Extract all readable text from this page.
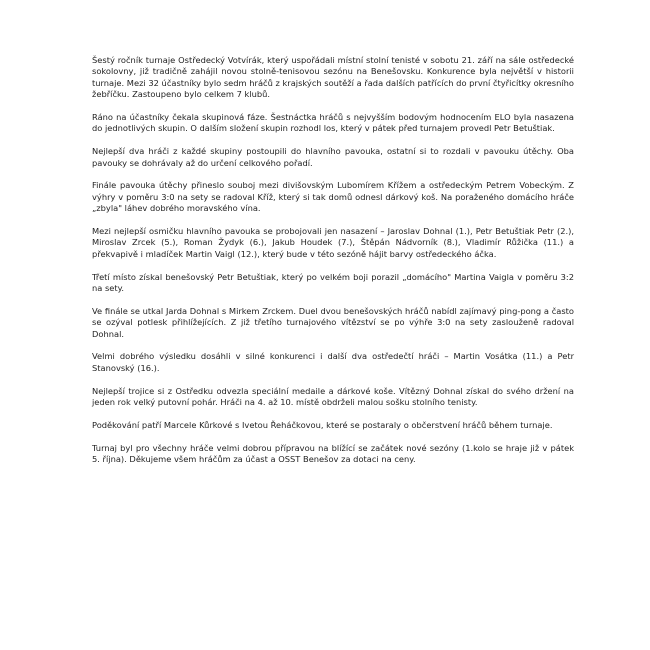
Šestý ročník turnaje Ostředecký Votvírák, který uspořádali místní stolní tenisté v sobotu 21. září na sále ostředecké sokolovny, již tradičně zahájil novou stolně-tenisovou sezónu na Benešovsku. Konkurence byla největší v historii turnaje. Mezi 32 účastníky bylo sedm hráčů z krajských soutěží a řada dalších patřících do první čtyřicítky okresního žebříčku. Zastoupeno bylo celkem 7 klubů.

Ráno na účastníky čekala skupinová fáze. Šestnáctka hráčů s nejvyšším bodovým hodnocením ELO byla nasazena do jednotlivých skupin. O dalším složení skupin rozhodl los, který v pátek před turnajem provedl Petr Betuštiak.

Nejlepší dva hráči z každé skupiny postoupili do hlavního pavouka, ostatní si to rozdali v pavouku útěchy. Oba pavouky se dohrávaly až do určení celkového pořadí.

Finále pavouka útěchy přineslo souboj mezi divišovským Lubomírem Křížem a ostředeckým Petrem Vobeckým. Z výhry v poměru 3:0 na sety se radoval Kříž, který si tak domů odnesl dárkový koš. Na poraženého domácího hráče „zbyla" láhev dobrého moravského vína.

Mezi nejlepší osmičku hlavního pavouka se probojovali jen nasazení – Jaroslav Dohnal (1.), Petr Betuštiak Petr (2.), Miroslav Zrcek (5.), Roman Žydyk (6.), Jakub Houdek (7.), Štěpán Nádvorník (8.), Vladimír Růžička (11.) a překvapivě i mladíček Martin Vaigl (12.), který bude v této sezóně hájit barvy ostředeckého áčka.

Třetí místo získal benešovský Petr Betuštiak, který po velkém boji porazil „domácího" Martina Vaigla v poměru 3:2 na sety.

Ve finále se utkal Jarda Dohnal s Mirkem Zrckem. Duel dvou benešovských hráčů nabídl zajímavý ping-pong a často se ozýval potlesk přihlížejících. Z již třetího turnajového vítězství se po výhře 3:0 na sety zaslouženě radoval Dohnal.

Velmi dobrého výsledku dosáhli v silné konkurenci i další dva ostředečtí hráči – Martin Vosátka (11.) a Petr Stanovský (16.).

Nejlepší trojice si z Ostředku odvezla speciální medaile a dárkové koše. Vítězný Dohnal získal do svého držení na jeden rok velký putovní pohár. Hráči na 4. až 10. místě obdrželi malou sošku stolního tenisty.

Poděkování patří Marcele Kůrkové s Ivetou Řeháčkovou, které se postaraly o občerstvení hráčů během turnaje.

Turnaj byl pro všechny hráče velmi dobrou přípravou na blížící se začátek nové sezóny (1.kolo se hraje již v pátek 5. října). Děkujeme všem hráčům za účast a OSST Benešov za dotaci na ceny.
